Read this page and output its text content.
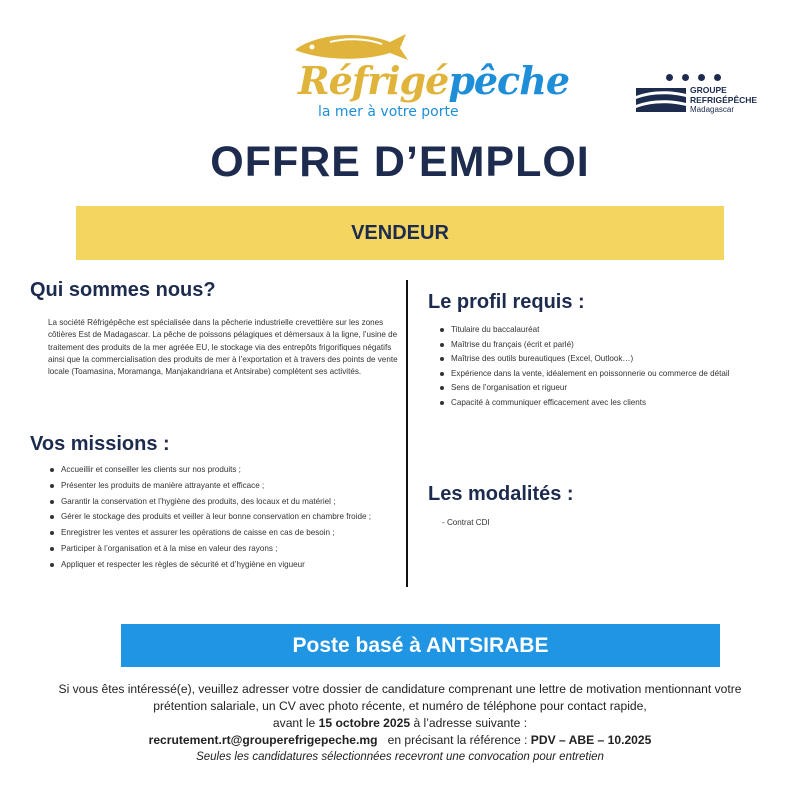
Réfrigépêche
la mer à votre porte
GROUPE
REFRIGÉPÊCHE
Madagascar
OFFRE D’EMPLOI
VENDEUR
Qui sommes nous?
La société Réfrigépêche est spécialisée dans la pêcherie industrielle crevettière sur les zones côtières Est de Madagascar. La pêche de poissons pélagiques et démersaux à la ligne, l’usine de traitement des produits de la mer agréée EU, le stockage via des entrepôts frigorifiques négatifs ainsi que la commercialisation des produits de mer à l’exportation et à travers des points de vente locale (Toamasina, Moramanga, Manjakandriana et Antsirabe) complètent ses activités.
Vos missions :
Accueillir et conseiller les clients sur nos produits ;
Présenter les produits de manière attrayante et efficace ;
Garantir la conservation et l’hygiène des produits, des locaux et du matériel ;
Gérer le stockage des produits et veiller à leur bonne conservation en chambre froide ;
Enregistrer les ventes et assurer les opérations de caisse en cas de besoin ;
Participer à l’organisation et à la mise en valeur des rayons ;
Appliquer et respecter les règles de sécurité et d’hygiène en vigueur
Le profil requis :
Titulaire du baccalauréat
Maîtrise du français (écrit et parlé)
Maîtrise des outils bureautiques (Excel, Outlook…)
Expérience dans la vente, idéalement en poissonnerie ou commerce de détail
Sens de l’organisation et rigueur
Capacité à communiquer efficacement avec les clients
Les modalités :
- Contrat CDI
Poste basé à ANTSIRABE
Si vous êtes intéressé(e), veuillez adresser votre dossier de candidature comprenant une lettre de motivation mentionnant votre
prétention salariale, un CV avec photo récente, et numéro de téléphone pour contact rapide,
avant le 15 octobre 2025 à l’adresse suivante :
recrutement.rt@grouperefrigepeche.mg en précisant la référence : PDV – ABE – 10.2025
Seules les candidatures sélectionnées recevront une convocation pour entretien
